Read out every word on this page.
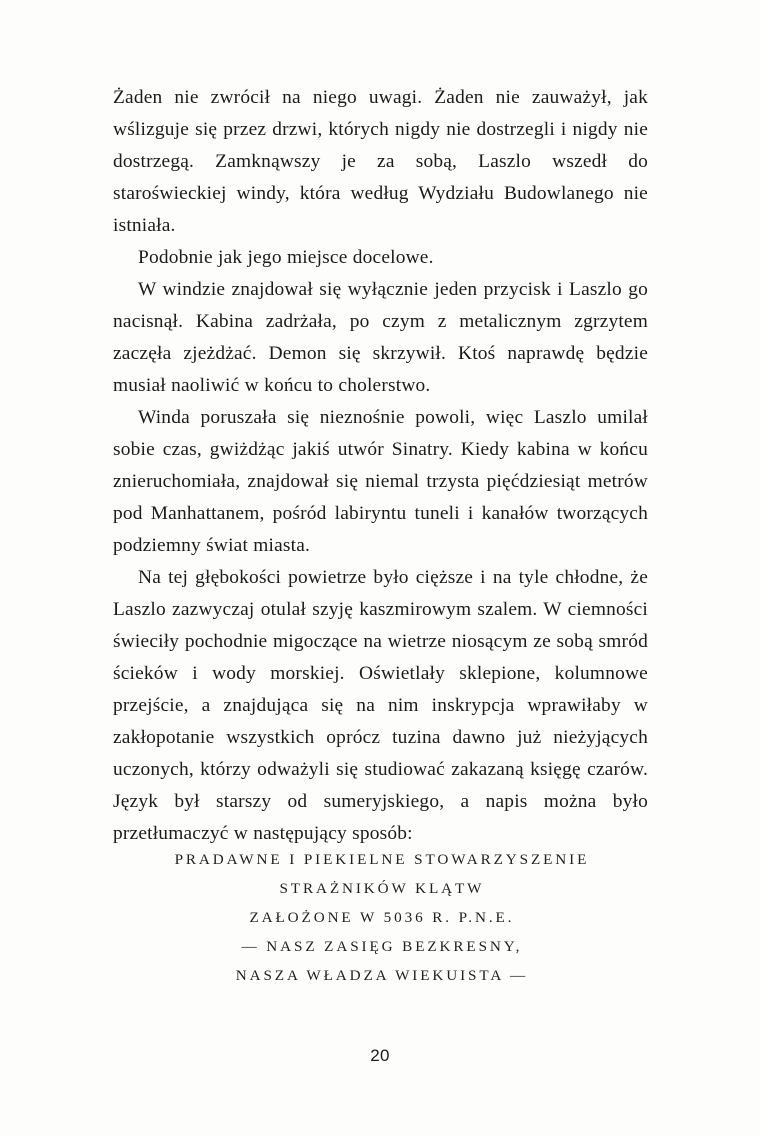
Żaden nie zwrócił na niego uwagi. Żaden nie zauważył, jak wślizguje się przez drzwi, których nigdy nie dostrzegli i nigdy nie dostrzegą. Zamknąwszy je za sobą, Laszlo wszedł do staroświeckiej windy, która według Wydziału Budowlanego nie istniała.

Podobnie jak jego miejsce docelowe.

W windzie znajdował się wyłącznie jeden przycisk i Laszlo go nacisnął. Kabina zadrżała, po czym z metalicznym zgrzytem zaczęła zjeżdżać. Demon się skrzywił. Ktoś naprawdę będzie musiał naoliwić w końcu to cholerstwo.

Winda poruszała się nieznośnie powoli, więc Laszlo umilał sobie czas, gwiżdżąc jakiś utwór Sinatry. Kiedy kabina w końcu znieruchomiała, znajdował się niemal trzysta pięćdziesiąt metrów pod Manhattanem, pośród labiryntu tuneli i kanałów tworzących podziemny świat miasta.

Na tej głębokości powietrze było cięższe i na tyle chłodne, że Laszlo zazwyczaj otulał szyję kaszmirowym szalem. W ciemności świeciły pochodnie migoczące na wietrze niosącym ze sobą smród ścieków i wody morskiej. Oświetlały sklepione, kolumnowe przejście, a znajdująca się na nim inskrypcja wprawiłaby w zakłopotanie wszystkich oprócz tuzina dawno już nieżyjących uczonych, którzy odważyli się studiować zakazaną księgę czarów. Język był starszy od sumeryjskiego, a napis można było przetłumaczyć w następujący sposób:

PRADAWNE I PIEKIELNE STOWARZYSZENIE
STRAŻNIKÓW KLĄTW
ZAŁOŻONE W 5036 R. P.N.E.
— NASZ ZASIĘG BEZKRESNY,
NASZA WŁADZA WIEKUISTA —
20
